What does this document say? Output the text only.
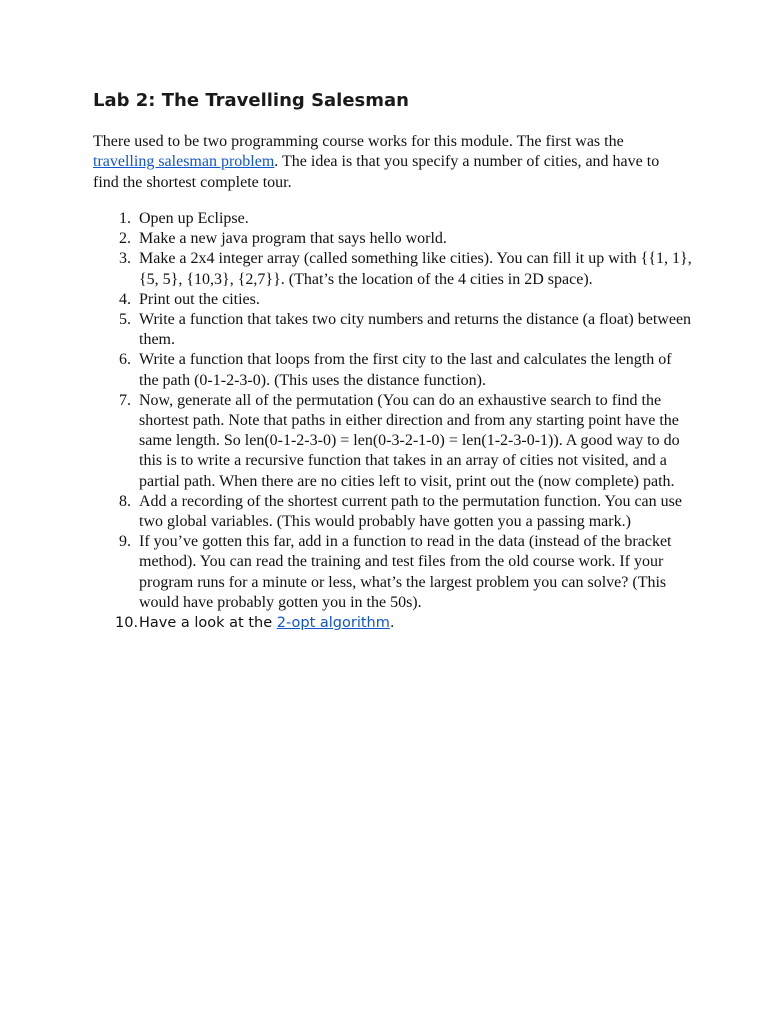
Lab 2: The Travelling Salesman

There used to be two programming course works for this module. The first was the travelling salesman problem. The idea is that you specify a number of cities, and have to find the shortest complete tour.

1. Open up Eclipse.
2. Make a new java program that says hello world.
3. Make a 2x4 integer array (called something like cities). You can fill it up with {{1, 1}, {5, 5}, {10,3}, {2,7}}. (That’s the location of the 4 cities in 2D space).
4. Print out the cities.
5. Write a function that takes two city numbers and returns the distance (a float) between them.
6. Write a function that loops from the first city to the last and calculates the length of the path (0-1-2-3-0). (This uses the distance function).
7. Now, generate all of the permutation (You can do an exhaustive search to find the shortest path. Note that paths in either direction and from any starting point have the same length. So len(0-1-2-3-0) = len(0-3-2-1-0) = len(1-2-3-0-1)). A good way to do this is to write a recursive function that takes in an array of cities not visited, and a partial path. When there are no cities left to visit, print out the (now complete) path.
8. Add a recording of the shortest current path to the permutation function. You can use two global variables. (This would probably have gotten you a passing mark.)
9. If you’ve gotten this far, add in a function to read in the data (instead of the bracket method). You can read the training and test files from the old course work. If your program runs for a minute or less, what’s the largest problem you can solve? (This would have probably gotten you in the 50s).
10. Have a look at the 2-opt algorithm.
